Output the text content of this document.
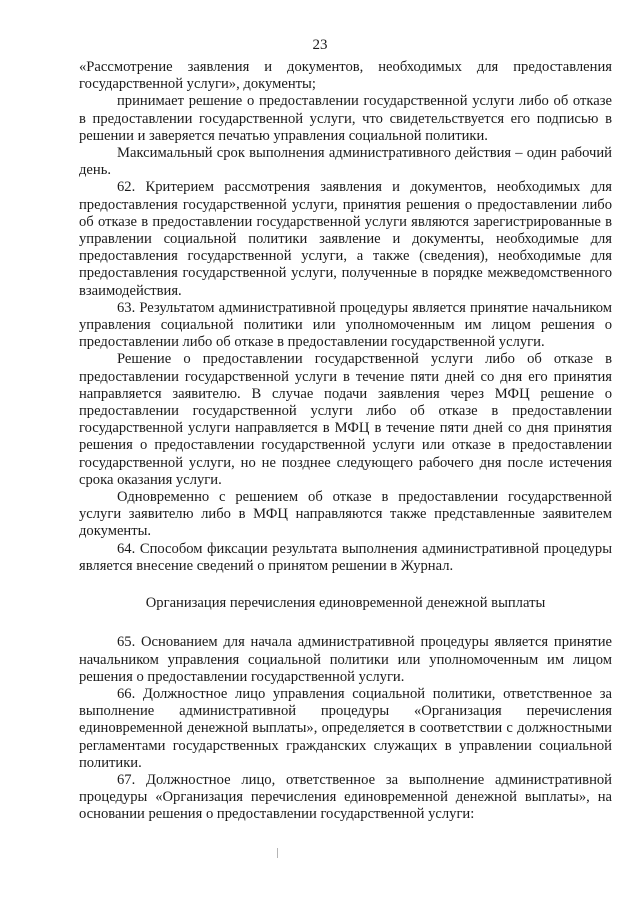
23

«Рассмотрение заявления и документов, необходимых для предоставления государственной услуги», документы;

принимает решение о предоставлении государственной услуги либо об отказе в предоставлении государственной услуги, что свидетельствуется его подписью в решении и заверяется печатью управления социальной политики.

Максимальный срок выполнения административного действия – один рабочий день.

62. Критерием рассмотрения заявления и документов, необходимых для предоставления государственной услуги, принятия решения о предоставлении либо об отказе в предоставлении государственной услуги являются зарегистрированные в управлении социальной политики заявление и документы, необходимые для предоставления государственной услуги, а также (сведения), необходимые для предоставления государственной услуги, полученные в порядке межведомственного взаимодействия.

63. Результатом административной процедуры является принятие начальником управления социальной политики или уполномоченным им лицом решения о предоставлении либо об отказе в предоставлении государственной услуги.

Решение о предоставлении государственной услуги либо об отказе в предоставлении государственной услуги в течение пяти дней со дня его принятия направляется заявителю. В случае подачи заявления через МФЦ решение о предоставлении государственной услуги либо об отказе в предоставлении государственной услуги направляется в МФЦ в течение пяти дней со дня принятия решения о предоставлении государственной услуги или отказе в предоставлении государственной услуги, но не позднее следующего рабочего дня после истечения срока оказания услуги.

Одновременно с решением об отказе в предоставлении государственной услуги заявителю либо в МФЦ направляются также представленные заявителем документы.

64. Способом фиксации результата выполнения административной процедуры является внесение сведений о принятом решении в Журнал.

Организация перечисления единовременной денежной выплаты

65. Основанием для начала административной процедуры является принятие начальником управления социальной политики или уполномоченным им лицом решения о предоставлении государственной услуги.

66. Должностное лицо управления социальной политики, ответственное за выполнение административной процедуры «Организация перечисления единовременной денежной выплаты», определяется в соответствии с должностными регламентами государственных гражданских служащих в управлении социальной политики.

67. Должностное лицо, ответственное за выполнение административной процедуры «Организация перечисления единовременной денежной выплаты», на основании решения о предоставлении государственной услуги:
